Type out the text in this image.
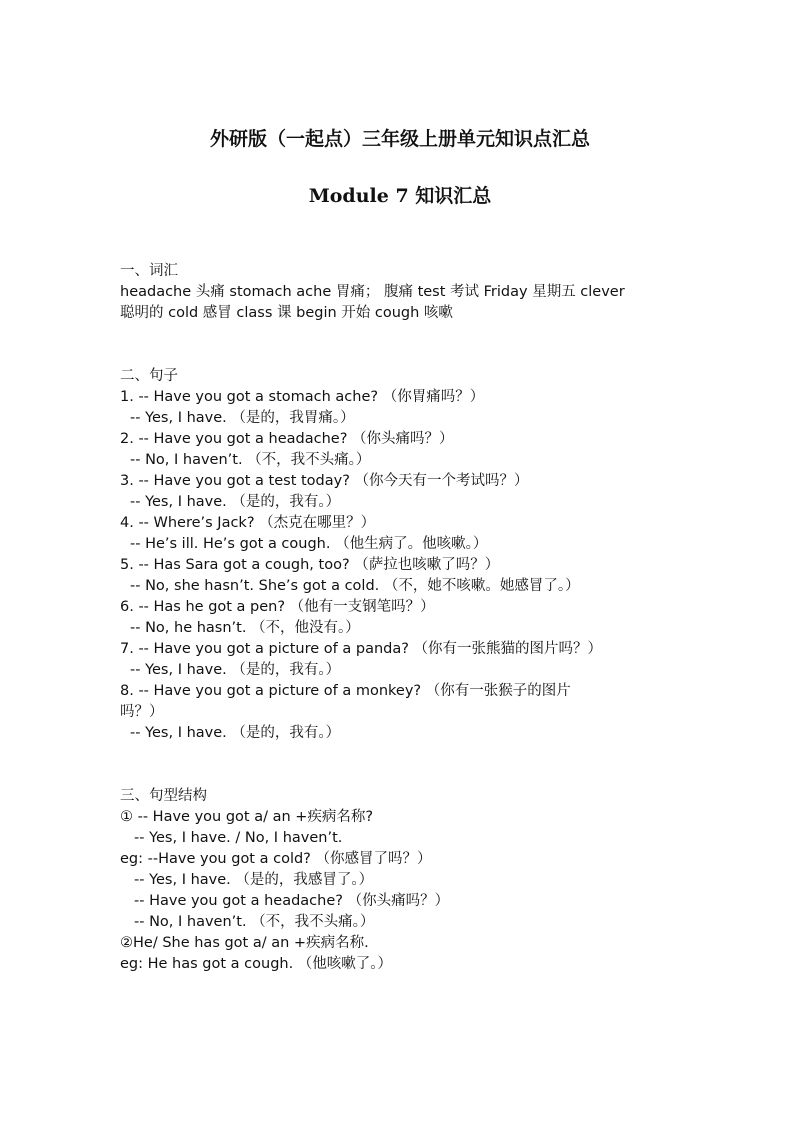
外研版（一起点）三年级上册单元知识点汇总
Module 7 知识汇总
一、词汇
headache 头痛 stomach ache 胃痛； 腹痛 test 考试 Friday 星期五 clever
聪明的 cold 感冒 class 课 begin 开始 cough 咳嗽
二、句子
1. -- Have you got a stomach ache? （你胃痛吗？）
-- Yes, I have. （是的，我胃痛。）
2. -- Have you got a headache? （你头痛吗？）
-- No, I haven’t. （不，我不头痛。）
3. -- Have you got a test today? （你今天有一个考试吗？）
-- Yes, I have. （是的，我有。）
4. -- Where’s Jack? （杰克在哪里？）
-- He’s ill. He’s got a cough. （他生病了。他咳嗽。）
5. -- Has Sara got a cough, too? （萨拉也咳嗽了吗？）
-- No, she hasn’t. She’s got a cold. （不，她不咳嗽。她感冒了。）
6. -- Has he got a pen? （他有一支钢笔吗？）
-- No, he hasn’t. （不，他没有。）
7. -- Have you got a picture of a panda? （你有一张熊猫的图片吗？）
-- Yes, I have. （是的，我有。）
8. -- Have you got a picture of a monkey? （你有一张猴子的图片
吗？）
-- Yes, I have. （是的，我有。）
三、句型结构
① -- Have you got a/ an +疾病名称?
-- Yes, I have. / No, I haven’t.
eg: --Have you got a cold? （你感冒了吗？）
-- Yes, I have. （是的，我感冒了。）
-- Have you got a headache? （你头痛吗？）
-- No, I haven’t. （不，我不头痛。）
②He/ She has got a/ an +疾病名称.
eg: He has got a cough. （他咳嗽了。）
